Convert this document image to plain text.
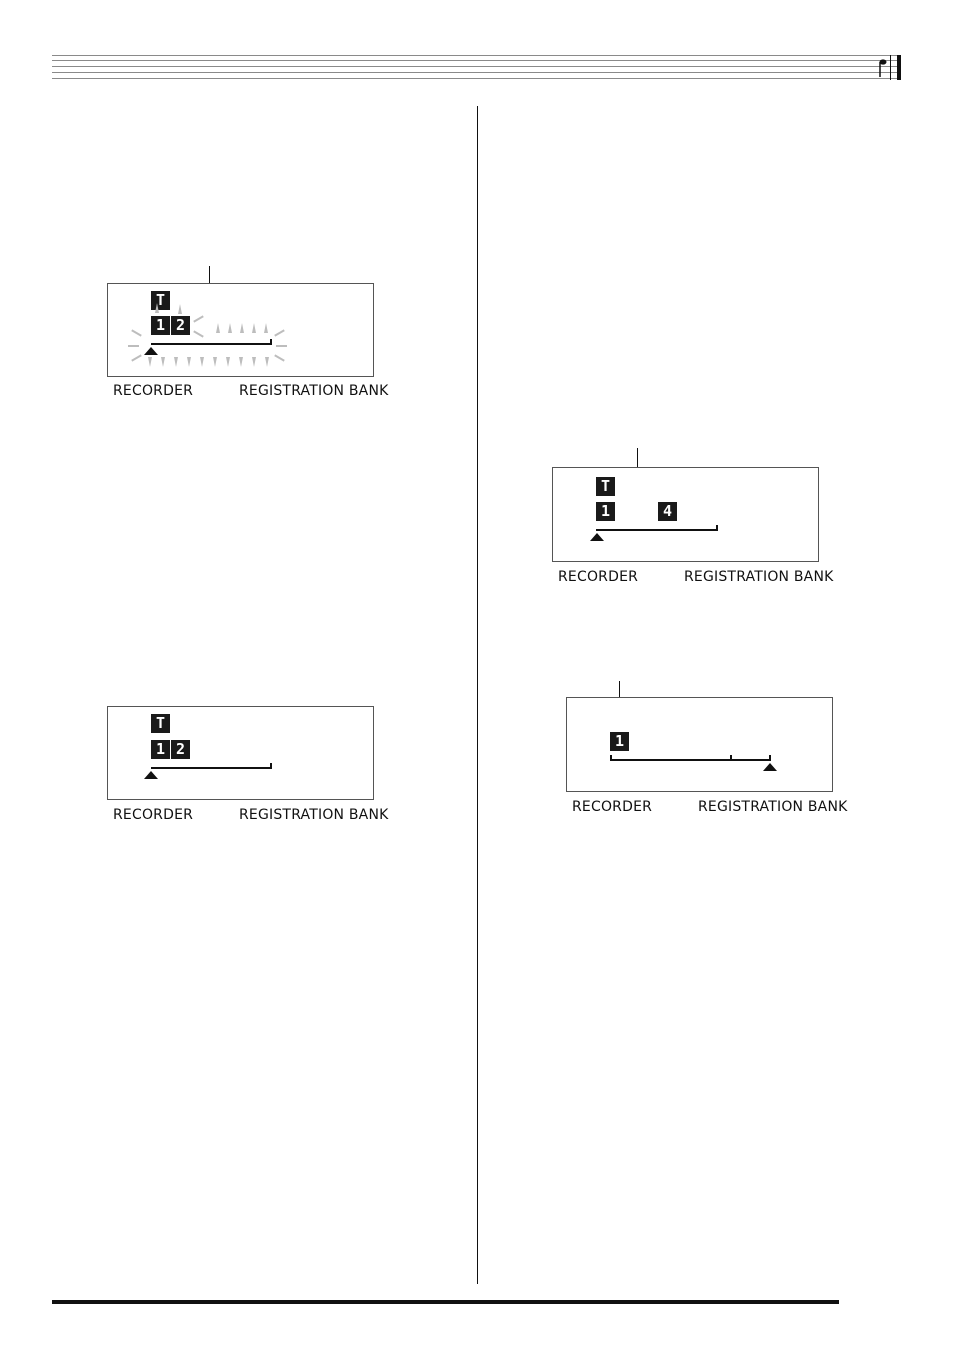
T
1 2
RECORDER	REGISTRATION BANK
T
1 2
RECORDER	REGISTRATION BANK
T
1	4
RECORDER	REGISTRATION BANK
1
RECORDER	REGISTRATION BANK
